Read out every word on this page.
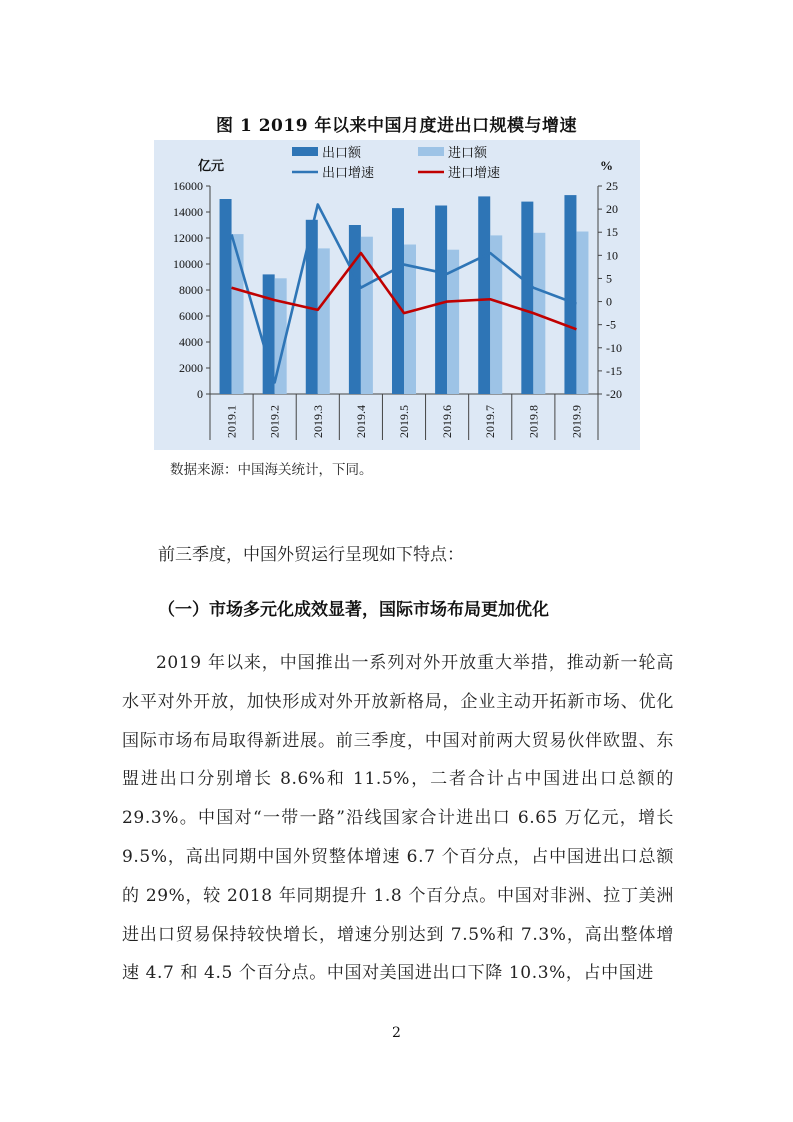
图 1 2019 年以来中国月度进出口规模与增速
0
2000
4000
6000
8000
10000
12000
14000
16000	25
20
15
10
5
0
-5
-10
-15
-20
亿元	%
2019.1 2019.2 2019.3 2019.4 2019.5 2019.6 2019.7 2019.8 2019.9
出口额	进口额
出口增速	进口增速
数据来源：中国海关统计，下同。
前三季度，中国外贸运行呈现如下特点：
（一）市场多元化成效显著，国际市场布局更加优化
2019 年以来，中国推出一系列对外开放重大举措，推动新一轮高水平对外开放，加快形成对外开放新格局，企业主动开拓新市场、优化国际市场布局取得新进展。前三季度，中国对前两大贸易伙伴欧盟、东盟进出口分别增长 8.6%和 11.5%，二者合计占中国进出口总额的 29.3%。中国对“一带一路”沿线国家合计进出口 6.65 万亿元，增长 9.5%，高出同期中国外贸整体增速 6.7 个百分点，占中国进出口总额的 29%，较 2018 年同期提升 1.8 个百分点。中国对非洲、拉丁美洲进出口贸易保持较快增长，增速分别达到 7.5%和 7.3%，高出整体增速 4.7 和 4.5 个百分点。中国对美国进出口下降 10.3%，占中国进
2
